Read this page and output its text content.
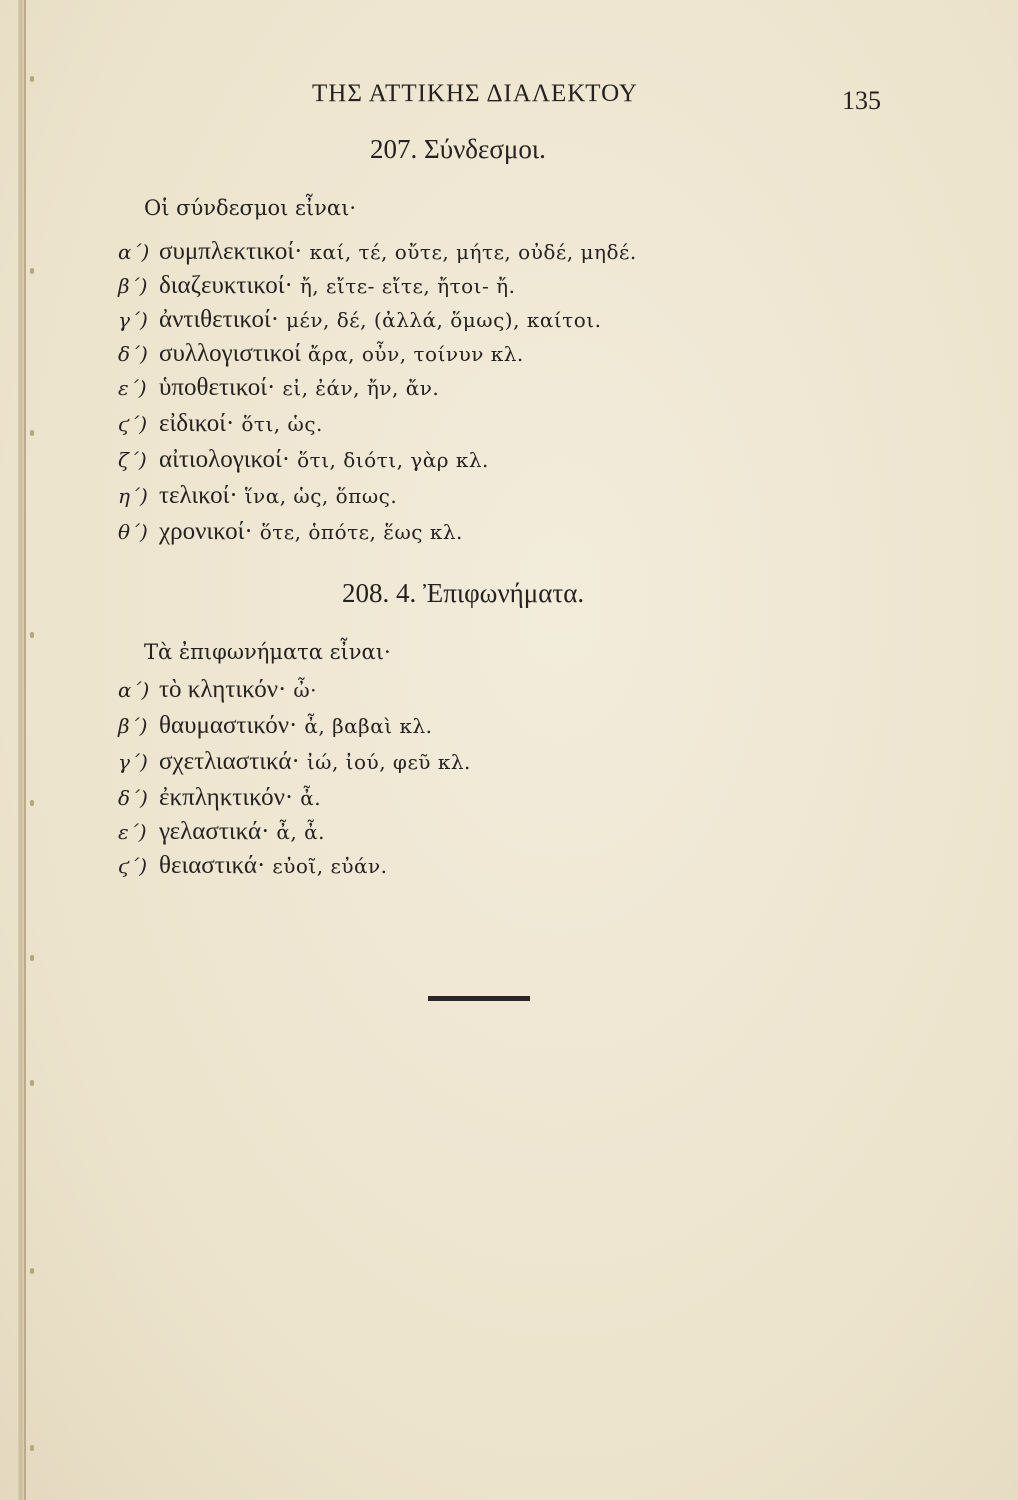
ΤΗΣ ΑΤΤΙΚΗΣ ΔΙΑΛΕΚΤΟΥ	135
207. Σύνδεσμοι.
Οἱ σύνδεσμοι εἶναι·
α΄) συμπλεκτικοί· καί, τέ, οὔτε, μήτε, οὐδέ, μηδέ.
β΄) διαζευκτικοί· ἤ, εἴτε- εἴτε, ἤτοι- ἤ.
γ΄) ἀντιθετικοί· μέν, δέ, (ἀλλά, ὅμως), καίτοι.
δ΄) συλλογιστικοί ἄρα, οὖν, τοίνυν κλ.
ε΄) ὑποθετικοί· εἰ, ἐάν, ἤν, ἄν.
ϛ΄) εἰδικοί· ὅτι, ὡς.
ζ΄) αἰτιολογικοί· ὅτι, διότι, γὰρ κλ.
η΄) τελικοί· ἵνα, ὡς, ὅπως.
θ΄) χρονικοί· ὅτε, ὁπότε, ἕως κλ.
208. 4. Ἐπιφωνήματα.
Τὰ ἐπιφωνήματα εἶναι·
α΄) τὸ κλητικόν· ὦ·
β΄) θαυμαστικόν· ἆ, βαβαὶ κλ.
γ΄) σχετλιαστικά· ἰώ, ἰού, φεῦ κλ.
δ΄) ἐκπληκτικόν· ἆ.
ε΄) γελαστικά· ἆ, ἆ.
ϛ΄) θειαστικά· εὐοῖ, εὐάν.
